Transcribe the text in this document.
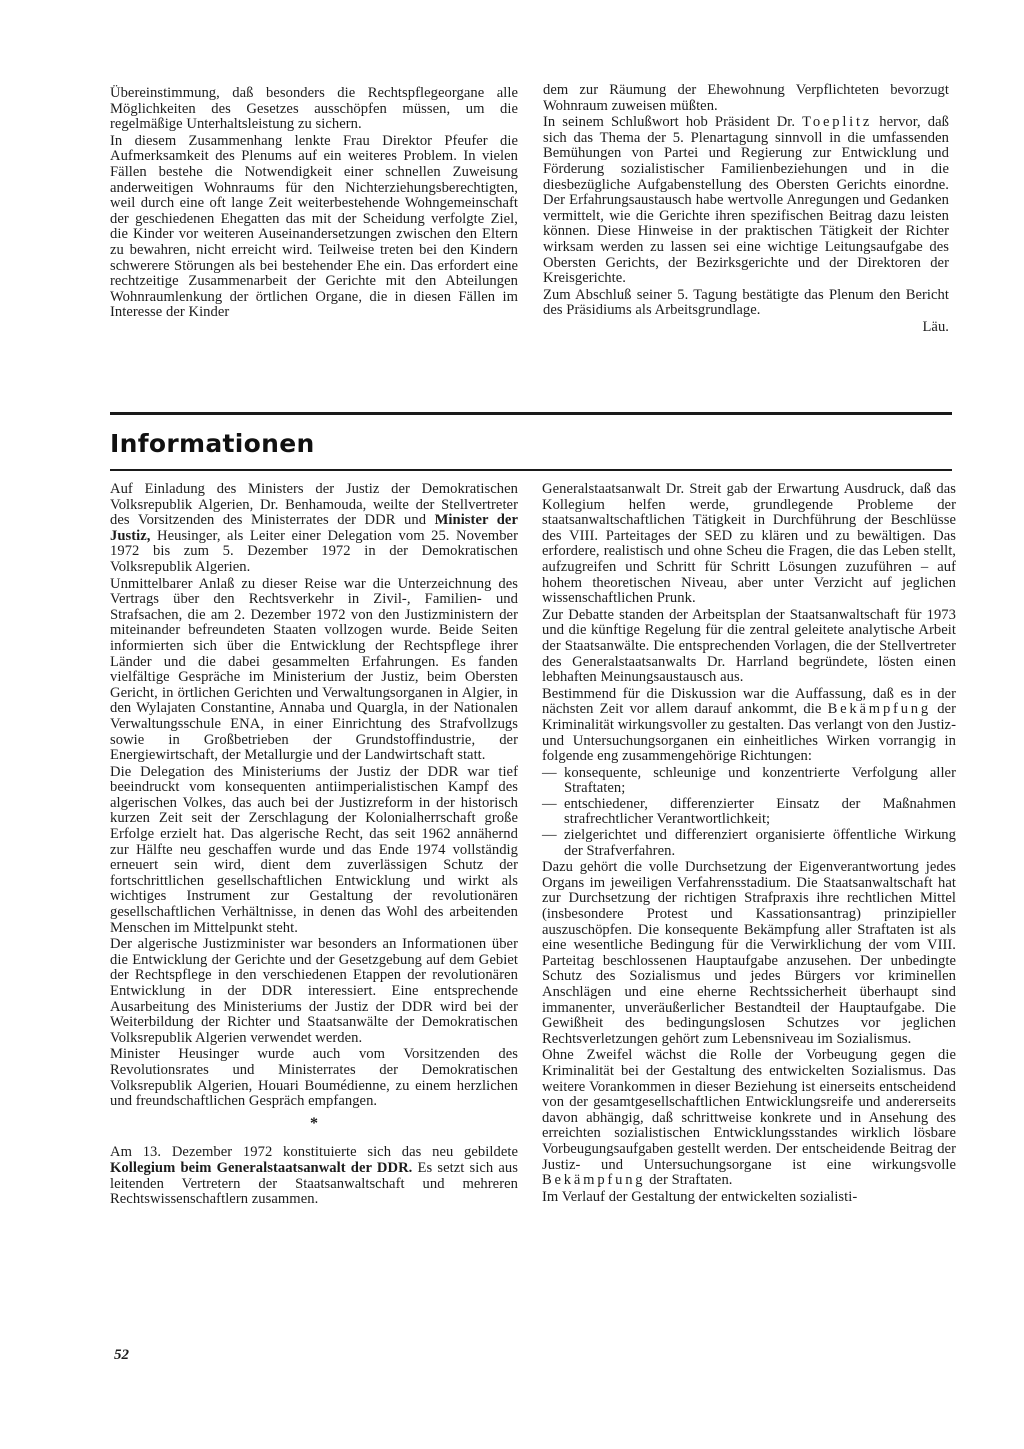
Übereinstimmung, daß besonders die Rechtspflegeorgane alle Möglichkeiten des Gesetzes ausschöpfen müssen, um die regelmäßige Unterhaltsleistung zu sichern.

In diesem Zusammenhang lenkte Frau Direktor Pfeufer die Aufmerksamkeit des Plenums auf ein weiteres Problem. In vielen Fällen bestehe die Notwendigkeit einer schnellen Zuweisung anderweitigen Wohnraums für den Nichterziehungsberechtigten, weil durch eine oft lange Zeit weiterbestehende Wohngemeinschaft der geschiedenen Ehegatten das mit der Scheidung verfolgte Ziel, die Kinder vor weiteren Auseinandersetzungen zwischen den Eltern zu bewahren, nicht erreicht wird. Teilweise treten bei den Kindern schwerere Störungen als bei bestehender Ehe ein. Das erfordert eine rechtzeitige Zusammenarbeit der Gerichte mit den Abteilungen Wohnraumlenkung der örtlichen Organe, die in diesen Fällen im Interesse der Kinder

dem zur Räumung der Ehewohnung Verpflichteten bevorzugt Wohnraum zuweisen müßten.

In seinem Schlußwort hob Präsident Dr. Toeplitz hervor, daß sich das Thema der 5. Plenartagung sinnvoll in die umfassenden Bemühungen von Partei und Regierung zur Entwicklung und Förderung sozialistischer Familienbeziehungen und in die diesbezügliche Aufgabenstellung des Obersten Gerichts einordne. Der Erfahrungsaustausch habe wertvolle Anregungen und Gedanken vermittelt, wie die Gerichte ihren spezifischen Beitrag dazu leisten können. Diese Hinweise in der praktischen Tätigkeit der Richter wirksam werden zu lassen sei eine wichtige Leitungsaufgabe des Obersten Gerichts, der Bezirksgerichte und der Direktoren der Kreisgerichte.

Zum Abschluß seiner 5. Tagung bestätigte das Plenum den Bericht des Präsidiums als Arbeitsgrundlage.

Läu.

Informationen

Auf Einladung des Ministers der Justiz der Demokratischen Volksrepublik Algerien, Dr. Benhamouda, weilte der Stellvertreter des Vorsitzenden des Ministerrates der DDR und Minister der Justiz, Heusinger, als Leiter einer Delegation vom 25. November 1972 bis zum 5. Dezember 1972 in der Demokratischen Volksrepublik Algerien.

Unmittelbarer Anlaß zu dieser Reise war die Unterzeichnung des Vertrags über den Rechtsverkehr in Zivil-, Familien- und Strafsachen, die am 2. Dezember 1972 von den Justizministern der miteinander befreundeten Staaten vollzogen wurde. Beide Seiten informierten sich über die Entwicklung der Rechtspflege ihrer Länder und die dabei gesammelten Erfahrungen. Es fanden vielfältige Gespräche im Ministerium der Justiz, beim Obersten Gericht, in örtlichen Gerichten und Verwaltungsorganen in Algier, in den Wylajaten Constantine, Annaba und Quargla, in der Nationalen Verwaltungsschule ENA, in einer Einrichtung des Strafvollzugs sowie in Großbetrieben der Grundstoffindustrie, der Energiewirtschaft, der Metallurgie und der Landwirtschaft statt.

Die Delegation des Ministeriums der Justiz der DDR war tief beeindruckt vom konsequenten antiimperialistischen Kampf des algerischen Volkes, das auch bei der Justizreform in der historisch kurzen Zeit seit der Zerschlagung der Kolonialherrschaft große Erfolge erzielt hat. Das algerische Recht, das seit 1962 annähernd zur Hälfte neu geschaffen wurde und das Ende 1974 vollständig erneuert sein wird, dient dem zuverlässigen Schutz der fortschrittlichen gesellschaftlichen Entwicklung und wirkt als wichtiges Instrument zur Gestaltung der revolutionären gesellschaftlichen Verhältnisse, in denen das Wohl des arbeitenden Menschen im Mittelpunkt steht.

Der algerische Justizminister war besonders an Informationen über die Entwicklung der Gerichte und der Gesetzgebung auf dem Gebiet der Rechtspflege in den verschiedenen Etappen der revolutionären Entwicklung in der DDR interessiert. Eine entsprechende Ausarbeitung des Ministeriums der Justiz der DDR wird bei der Weiterbildung der Richter und Staatsanwälte der Demokratischen Volksrepublik Algerien verwendet werden.

Minister Heusinger wurde auch vom Vorsitzenden des Revolutionsrates und Ministerrates der Demokratischen Volksrepublik Algerien, Houari Boumédienne, zu einem herzlichen und freundschaftlichen Gespräch empfangen.

*

Am 13. Dezember 1972 konstituierte sich das neu gebildete Kollegium beim Generalstaatsanwalt der DDR. Es setzt sich aus leitenden Vertretern der Staatsanwaltschaft und mehreren Rechtswissenschaftlern zusammen.

Generalstaatsanwalt Dr. Streit gab der Erwartung Ausdruck, daß das Kollegium helfen werde, grundlegende Probleme der staatsanwaltschaftlichen Tätigkeit in Durchführung der Beschlüsse des VIII. Parteitages der SED zu klären und zu bewältigen. Das erfordere, realistisch und ohne Scheu die Fragen, die das Leben stellt, aufzugreifen und Schritt für Schritt Lösungen zuzuführen – auf hohem theoretischen Niveau, aber unter Verzicht auf jeglichen wissenschaftlichen Prunk.

Zur Debatte standen der Arbeitsplan der Staatsanwaltschaft für 1973 und die künftige Regelung für die zentral geleitete analytische Arbeit der Staatsanwälte. Die entsprechenden Vorlagen, die der Stellvertreter des Generalstaatsanwalts Dr. Harrland begründete, lösten einen lebhaften Meinungsaustausch aus.

Bestimmend für die Diskussion war die Auffassung, daß es in der nächsten Zeit vor allem darauf ankommt, die Bekämpfung der Kriminalität wirkungsvoller zu gestalten. Das verlangt von den Justiz- und Untersuchungsorganen ein einheitliches Wirken vorrangig in folgende eng zusammengehörige Richtungen:

— konsequente, schleunige und konzentrierte Verfolgung aller Straftaten;
— entschiedener, differenzierter Einsatz der Maßnahmen strafrechtlicher Verantwortlichkeit;
— zielgerichtet und differenziert organisierte öffentliche Wirkung der Strafverfahren.

Dazu gehört die volle Durchsetzung der Eigenverantwortung jedes Organs im jeweiligen Verfahrensstadium. Die Staatsanwaltschaft hat zur Durchsetzung der richtigen Strafpraxis ihre rechtlichen Mittel (insbesondere Protest und Kassationsantrag) prinzipieller auszuschöpfen. Die konsequente Bekämpfung aller Straftaten ist als eine wesentliche Bedingung für die Verwirklichung der vom VIII. Parteitag beschlossenen Hauptaufgabe anzusehen. Der unbedingte Schutz des Sozialismus und jedes Bürgers vor kriminellen Anschlägen und eine eherne Rechtssicherheit überhaupt sind immanenter, unveräußerlicher Bestandteil der Hauptaufgabe. Die Gewißheit des bedingungslosen Schutzes vor jeglichen Rechtsverletzungen gehört zum Lebensniveau im Sozialismus.

Ohne Zweifel wächst die Rolle der Vorbeugung gegen die Kriminalität bei der Gestaltung des entwickelten Sozialismus. Das weitere Vorankommen in dieser Beziehung ist einerseits entscheidend von der gesamtgesellschaftlichen Entwicklungsreife und andererseits davon abhängig, daß schrittweise konkrete und in Ansehung des erreichten sozialistischen Entwicklungsstandes wirklich lösbare Vorbeugungsaufgaben gestellt werden. Der entscheidende Beitrag der Justiz- und Untersuchungsorgane ist eine wirkungsvolle Bekämpfung der Straftaten.

Im Verlauf der Gestaltung der entwickelten sozialisti-

52
